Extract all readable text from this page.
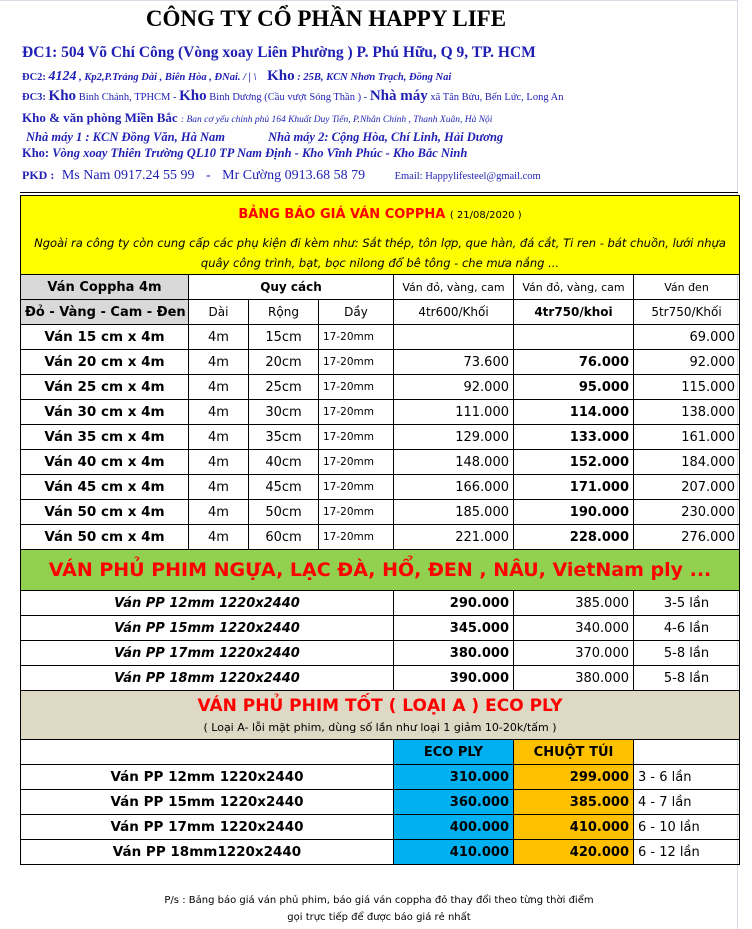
CÔNG TY CỔ PHẦN HAPPY LIFE
ĐC1: 504 Võ Chí Công (Vòng xoay Liên Phường ) P. Phú Hữu, Q 9, TP. HCM
ĐC2: 4124 , Kp2,P.Trảng Dài , Biên Hòa , ĐNai. / | \ Kho : 25B, KCN Nhơn Trạch, Đồng Nai
ĐC3: Kho Bình Chánh, TPHCM - Kho Bình Dương (Cầu vượt Sóng Thần ) - Nhà máy xã Tân Bửu, Bến Lức, Long An
Kho & văn phòng Miền Bắc : Ban cơ yếu chính phủ 164 Khuất Duy Tiến, P.Nhân Chính , Thanh Xuân, Hà Nội
Nhà máy 1 : KCN Đồng Văn, Hà Nam	Nhà máy 2: Cộng Hòa, Chí Linh, Hải Dương
Kho: Vòng xoay Thiên Trường QL10 TP Nam Định - Kho Vĩnh Phúc - Kho Bắc Ninh
PKD : Ms Nam 0917.24 55 99 - Mr Cường 0913.68 58 79	Email: Happylifesteel@gmail.com
BẢNG BÁO GIÁ VÁN COPPHA ( 21/08/2020 )						
Ngoài ra công ty còn cung cấp các phụ kiện đi kèm như: Sắt thép, tôn lợp, que hàn, đá cắt, Ti ren - bát chuồn, lưới nhựa quây công trình, bạt, bọc nilong đổ bê tông - che mưa nắng ...						
Ván Coppha 4m	Quy cách			Ván đỏ, vàng, cam	Ván đỏ, vàng, cam	Ván đen
Đỏ - Vàng - Cam - Đen	Dài	Rộng	Dầy	4tr600/Khối	4tr750/khoi	5tr750/Khối
Ván 15 cm x 4m	4m	15cm	17-20mm			69.000
Ván 20 cm x 4m	4m	20cm	17-20mm	73.600	76.000	92.000
Ván 25 cm x 4m	4m	25cm	17-20mm	92.000	95.000	115.000
Ván 30 cm x 4m	4m	30cm	17-20mm	111.000	114.000	138.000
Ván 35 cm x 4m	4m	35cm	17-20mm	129.000	133.000	161.000
Ván 40 cm x 4m	4m	40cm	17-20mm	148.000	152.000	184.000
Ván 45 cm x 4m	4m	45cm	17-20mm	166.000	171.000	207.000
Ván 50 cm x 4m	4m	50cm	17-20mm	185.000	190.000	230.000
Ván 50 cm x 4m	4m	60cm	17-20mm	221.000	228.000	276.000
VÁN PHỦ PHIM NGỰA, LẠC ĐÀ, HỔ, ĐEN , NÂU, VietNam ply ...						
Ván PP 12mm 1220x2440				290.000	385.000	3-5 lần
Ván PP 15mm 1220x2440				345.000	340.000	4-6 lần
Ván PP 17mm 1220x2440				380.000	370.000	5-8 lần
Ván PP 18mm 1220x2440				390.000	380.000	5-8 lần

VÁN PHỦ PHIM TỐT ( LOẠI A ) ECO PLY
( Loại A- lỗi mặt phim, dùng số lần như loại 1 giảm 10-20k/tấm )						

				ECO PLY	CHUỘT TÚI	
Ván PP 12mm 1220x2440				310.000	299.000	3 - 6 lần
Ván PP 15mm 1220x2440				360.000	385.000	4 - 7 lần
Ván PP 17mm 1220x2440				400.000	410.000	6 - 10 lần
Ván PP 18mm1220x2440				410.000	420.000	6 - 12 lần
P/s : Bảng báo giá ván phủ phim, báo giá ván coppha đỏ thay đổi theo từng thời điểm
gọi trực tiếp để được báo giá rẻ nhất
